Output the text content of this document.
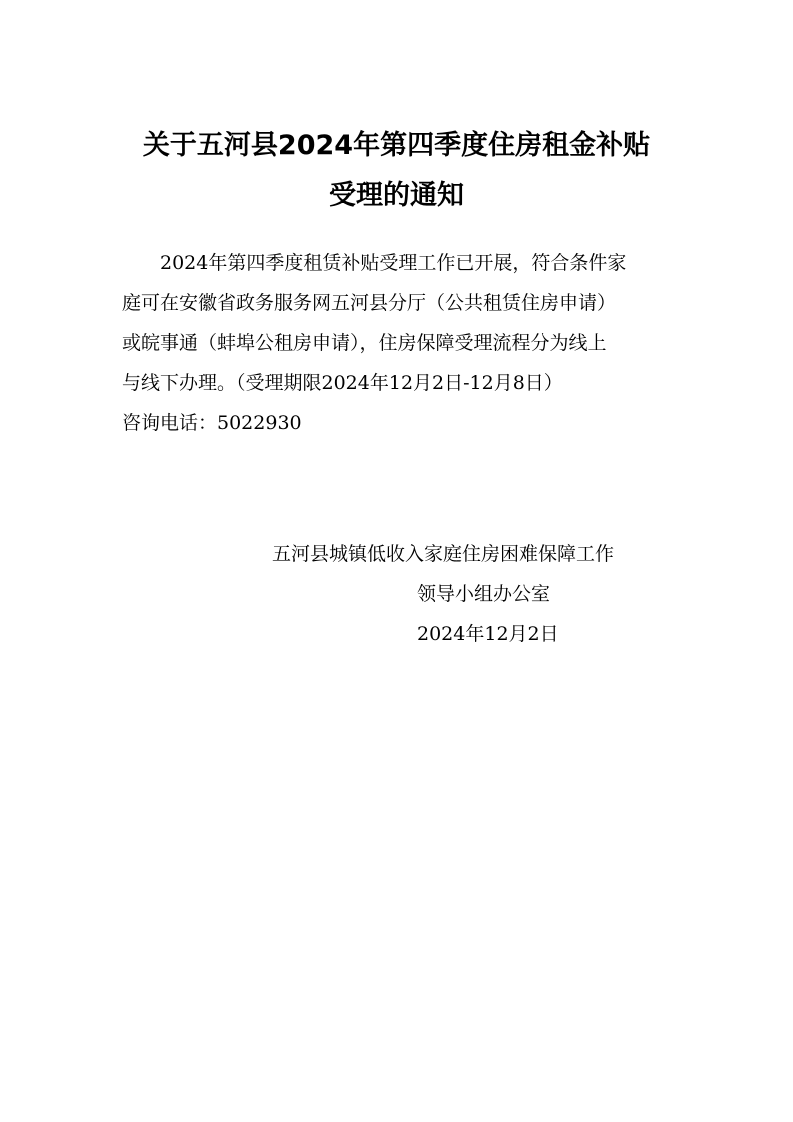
关于五河县2024年第四季度住房租金补贴
受理的通知
2024年第四季度租赁补贴受理工作已开展，符合条件家
庭可在安徽省政务服务网五河县分厅（公共租赁住房申请）
或皖事通（蚌埠公租房申请），住房保障受理流程分为线上
与线下办理。（受理期限2024年12月2日-12月8日）
咨询电话：5022930
五河县城镇低收入家庭住房困难保障工作
领导小组办公室
2024年12月2日
